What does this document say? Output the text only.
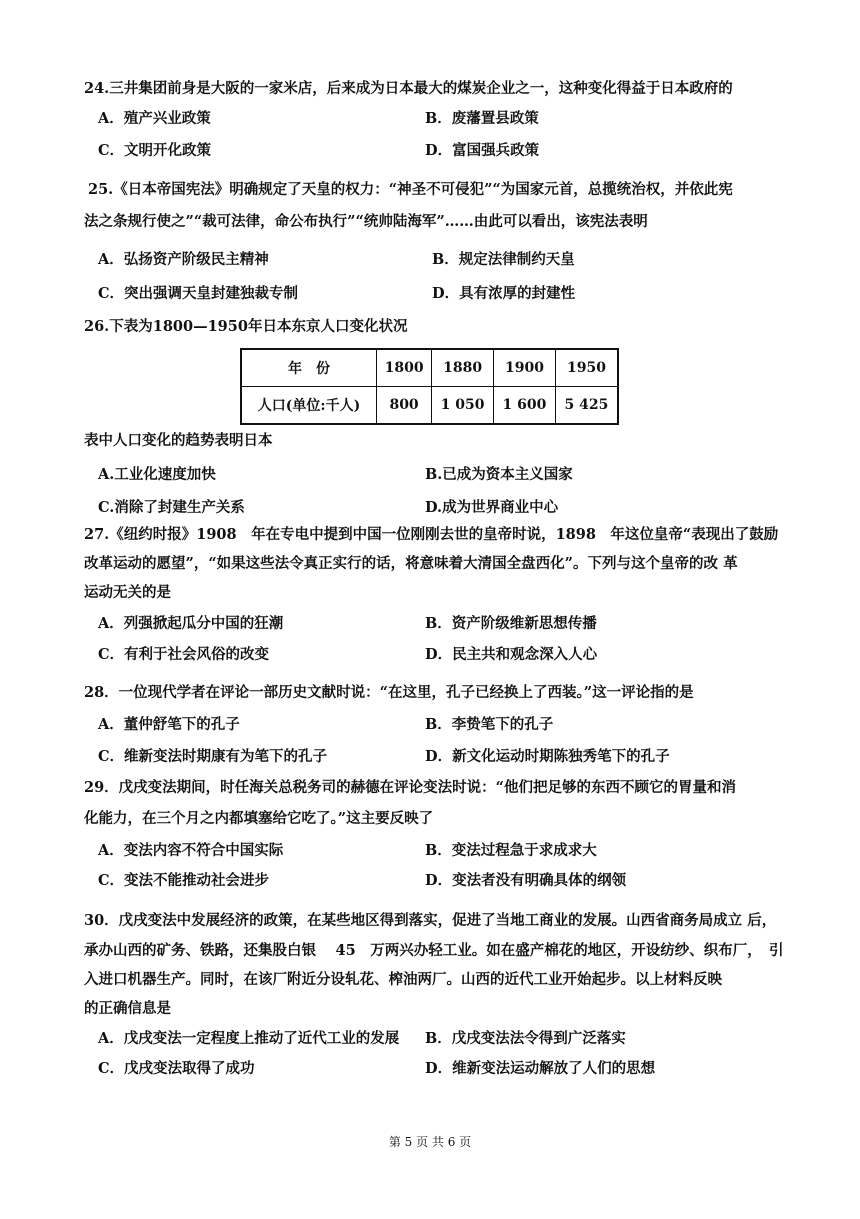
24.三井集团前身是大阪的一家米店，后来成为日本最大的煤炭企业之一，这种变化得益于日本政府的
A．殖产兴业政策	B．废藩置县政策
C．文明开化政策	D．富国强兵政策
25.《日本帝国宪法》明确规定了天皇的权力：“神圣不可侵犯”“为国家元首，总揽统治权，并依此宪
法之条规行使之”“裁可法律，命公布执行”“统帅陆海军”……由此可以看出，该宪法表明
A．弘扬资产阶级民主精神	B．规定法律制约天皇
C．突出强调天皇封建独裁专制	D．具有浓厚的封建性
26.下表为1800—1950年日本东京人口变化状况
年　份	1800	1880	1900	1950
人口(单位:千人)	800	1 050	1 600	5 425
表中人口变化的趋势表明日本
A.工业化速度加快	B.已成为资本主义国家
C.消除了封建生产关系	D.成为世界商业中心
27.《纽约时报》1908　年在专电中提到中国一位刚刚去世的皇帝时说，1898　年这位皇帝“表现出了鼓励
改革运动的愿望”，“如果这些法令真正实行的话，将意味着大清国全盘西化”。下列与这个皇帝的改 革
运动无关的是
A．列强掀起瓜分中国的狂潮	B．资产阶级维新思想传播
C．有利于社会风俗的改变	D．民主共和观念深入人心
28．一位现代学者在评论一部历史文献时说：“在这里，孔子已经换上了西装。”这一评论指的是
A．董仲舒笔下的孔子	B．李贽笔下的孔子
C．维新变法时期康有为笔下的孔子	D．新文化运动时期陈独秀笔下的孔子
29．戊戌变法期间，时任海关总税务司的赫德在评论变法时说：“他们把足够的东西不顾它的胃量和消
化能力，在三个月之内都填塞给它吃了。”这主要反映了
A．变法内容不符合中国实际	B．变法过程急于求成求大
C．变法不能推动社会进步	D．变法者没有明确具体的纲领
30．戊戌变法中发展经济的政策，在某些地区得到落实，促进了当地工商业的发展。山西省商务局成立 后，
承办山西的矿务、铁路，还集股白银　 45　万两兴办轻工业。如在盛产棉花的地区，开设纺纱、织布厂，　引
入进口机器生产。同时，在该厂附近分设轧花、榨油两厂。山西的近代工业开始起步。以上材料反映
的正确信息是
A．戊戌变法一定程度上推动了近代工业的发展 B．戊戌变法法令得到广泛落实
C．戊戌变法取得了成功	D．维新变法运动解放了人们的思想
第 5 页 共 6 页
